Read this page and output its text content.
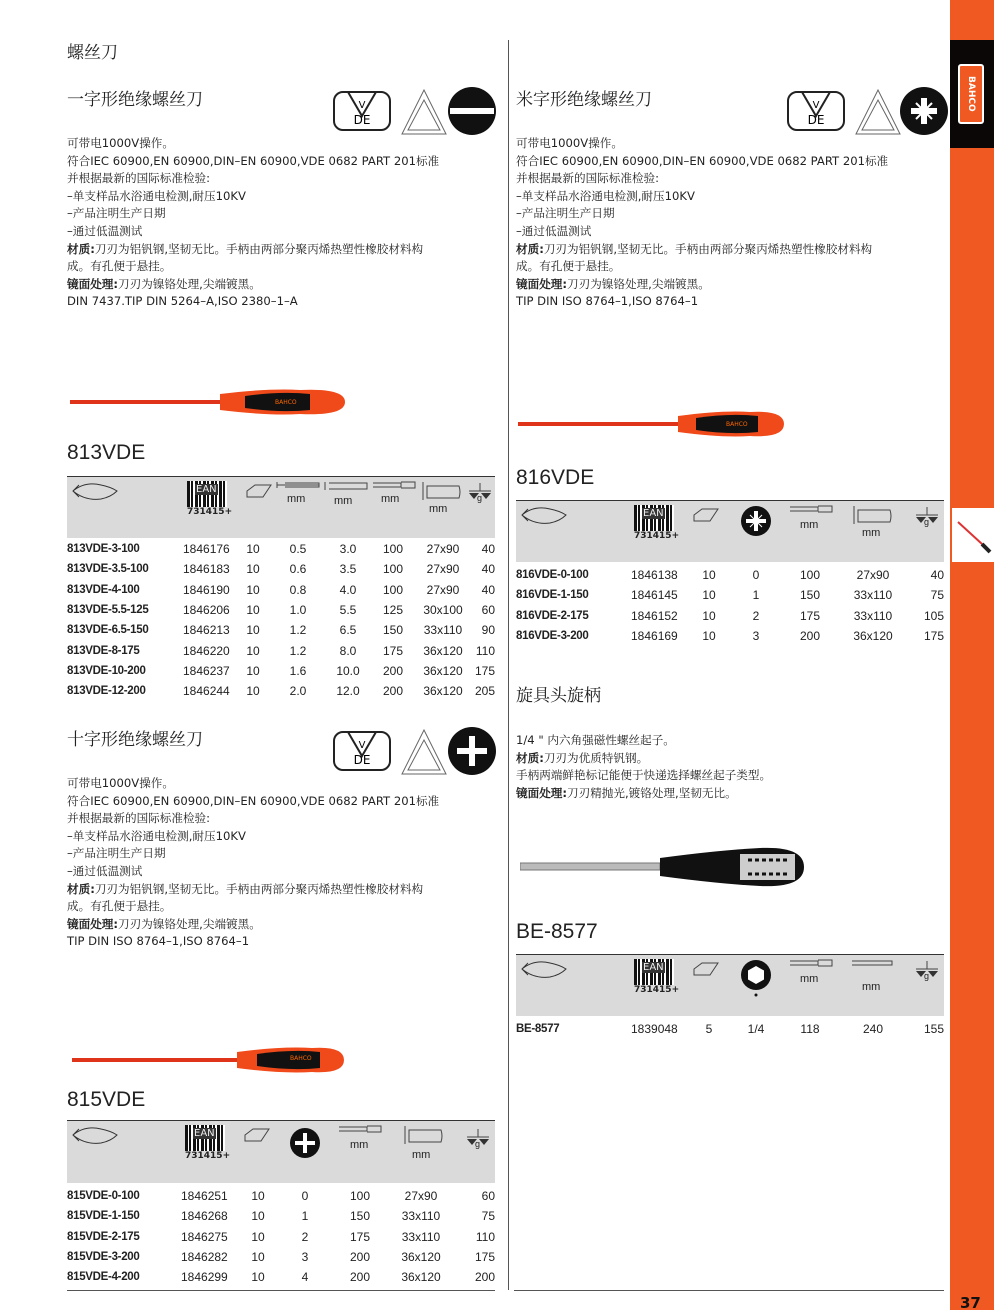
BAHCO
37
螺丝刀
一字形绝缘螺丝刀	V
DE
可带电1000V操作。
符合IEC 60900,EN 60900,DIN–EN 60900,VDE 0682 PART 201标准
并根据最新的国际标准检验:
–单支样品水浴通电检测,耐压10KV
–产品注明生产日期
–通过低温测试
材质:刀刃为铝钒钢,坚韧无比。手柄由两部分聚丙烯热塑性橡胶材料构
成。有孔便于悬挂。
镜面处理:刀刃为镍铬处理,尖端镀黑。
DIN 7437.TIP DIN 5264–A,ISO 2380–1–A
BAHCO
813VDE
EAN
731415+
mm	mm	mm
mm
g
813VDE-3-100	1846176	10	0.5	3.0	100	27x90	40
813VDE-3.5-100	1846183	10	0.6	3.5	100	27x90	40
813VDE-4-100	1846190	10	0.8	4.0	100	27x90	40
813VDE-5.5-125	1846206	10	1.0	5.5	125	30x100	60
813VDE-6.5-150	1846213	10	1.2	6.5	150	33x110	90
813VDE-8-175	1846220	10	1.2	8.0	175	36x120	110
813VDE-10-200	1846237	10	1.6	10.0	200	36x120	175
813VDE-12-200	1846244	10	2.0	12.0	200	36x120	205
十字形绝缘螺丝刀	V
DE
可带电1000V操作。
符合IEC 60900,EN 60900,DIN–EN 60900,VDE 0682 PART 201标准
并根据最新的国际标准检验:
–单支样品水浴通电检测,耐压10KV
–产品注明生产日期
–通过低温测试
材质:刀刃为铝钒钢,坚韧无比。手柄由两部分聚丙烯热塑性橡胶材料构
成。有孔便于悬挂。
镜面处理:刀刃为镍铬处理,尖端镀黑。
TIP DIN ISO 8764–1,ISO 8764–1
BAHCO
815VDE
EAN
731415+
mm
mm
g
815VDE-0-100	1846251	10	0	100	27x90	60
815VDE-1-150	1846268	10	1	150	33x110	75
815VDE-2-175	1846275	10	2	175	33x110	110
815VDE-3-200	1846282	10	3	200	36x120	175
815VDE-4-200	1846299	10	4	200	36x120	200
米字形绝缘螺丝刀	V
DE
可带电1000V操作。
符合IEC 60900,EN 60900,DIN–EN 60900,VDE 0682 PART 201标准
并根据最新的国际标准检验:
–单支样品水浴通电检测,耐压10KV
–产品注明生产日期
–通过低温测试
材质:刀刃为铝钒钢,坚韧无比。手柄由两部分聚丙烯热塑性橡胶材料构
成。有孔便于悬挂。
镜面处理:刀刃为镍铬处理,尖端镀黑。
TIP DIN ISO 8764–1,ISO 8764–1
BAHCO
816VDE
EAN
731415+
mm
mm
g
816VDE-0-100	1846138	10	0	100	27x90	40
816VDE-1-150	1846145	10	1	150	33x110	75
816VDE-2-175	1846152	10	2	175	33x110	105
816VDE-3-200	1846169	10	3	200	36x120	175
旋具头旋柄
1/4 " 内六角强磁性螺丝起子。
材质:刀刃为优质特钒钢。
手柄两端鲜艳标记能便于快递选择螺丝起子类型。
镜面处理:刀刃精抛光,镀铬处理,坚韧无比。
BE-8577
EAN
731415+
mm
mm
g
BE-8577	1839048	5	1/4	118	240	155
